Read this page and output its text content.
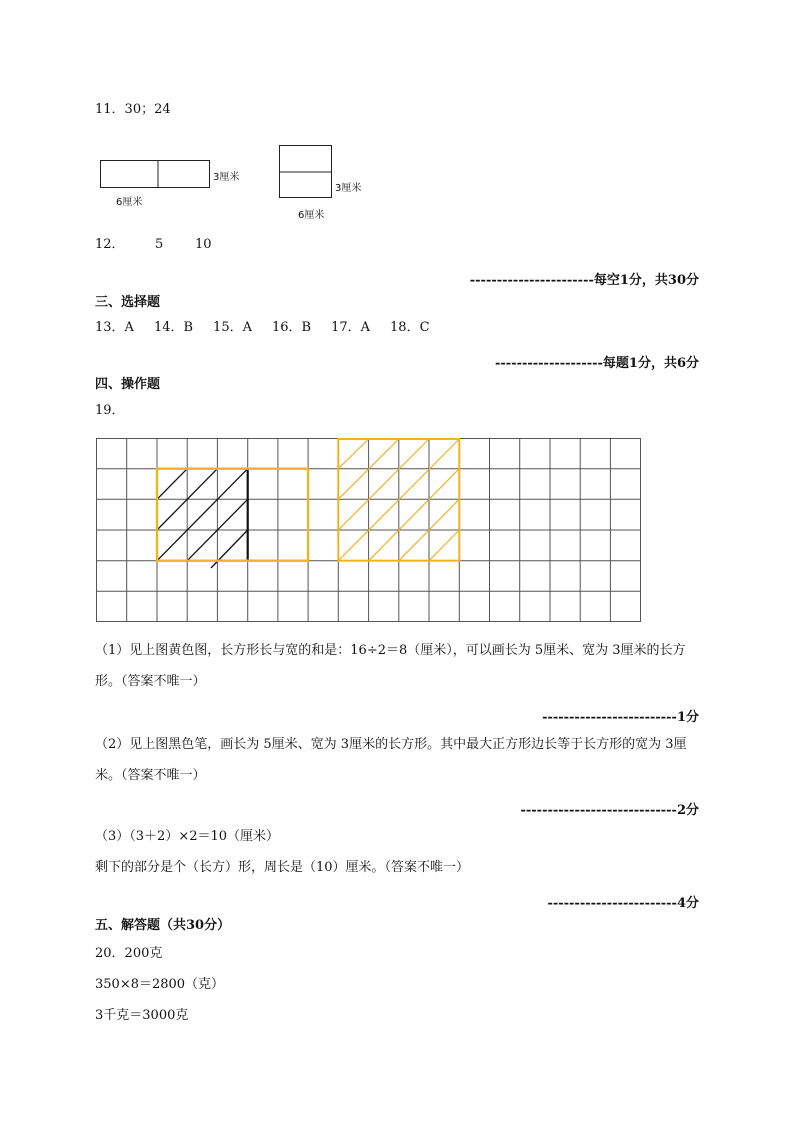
11．30；24
3厘米
6厘米
3厘米
6厘米
12． 5 10
-----------------------每空1分，共30分
三、选择题
13．A 14．B 15．A 16．B 17．A 18．C
--------------------每题1分，共6分
四、操作题
19．
（1）见上图黄色图，长方形长与宽的和是：16÷2＝8（厘米），可以画长为 5厘米、宽为 3厘米的长方形。（答案不唯一）
-------------------------1分
（2）见上图黑色笔，画长为 5厘米、宽为 3厘米的长方形。其中最大正方形边长等于长方形的宽为 3厘米。（答案不唯一）
-----------------------------2分
（3）（3＋2）×2＝10（厘米）
剩下的部分是个（长方）形，周长是（10）厘米。（答案不唯一）
------------------------4分
五、解答题（共30分）
20．200克
350×8＝2800（克）
3千克＝3000克
